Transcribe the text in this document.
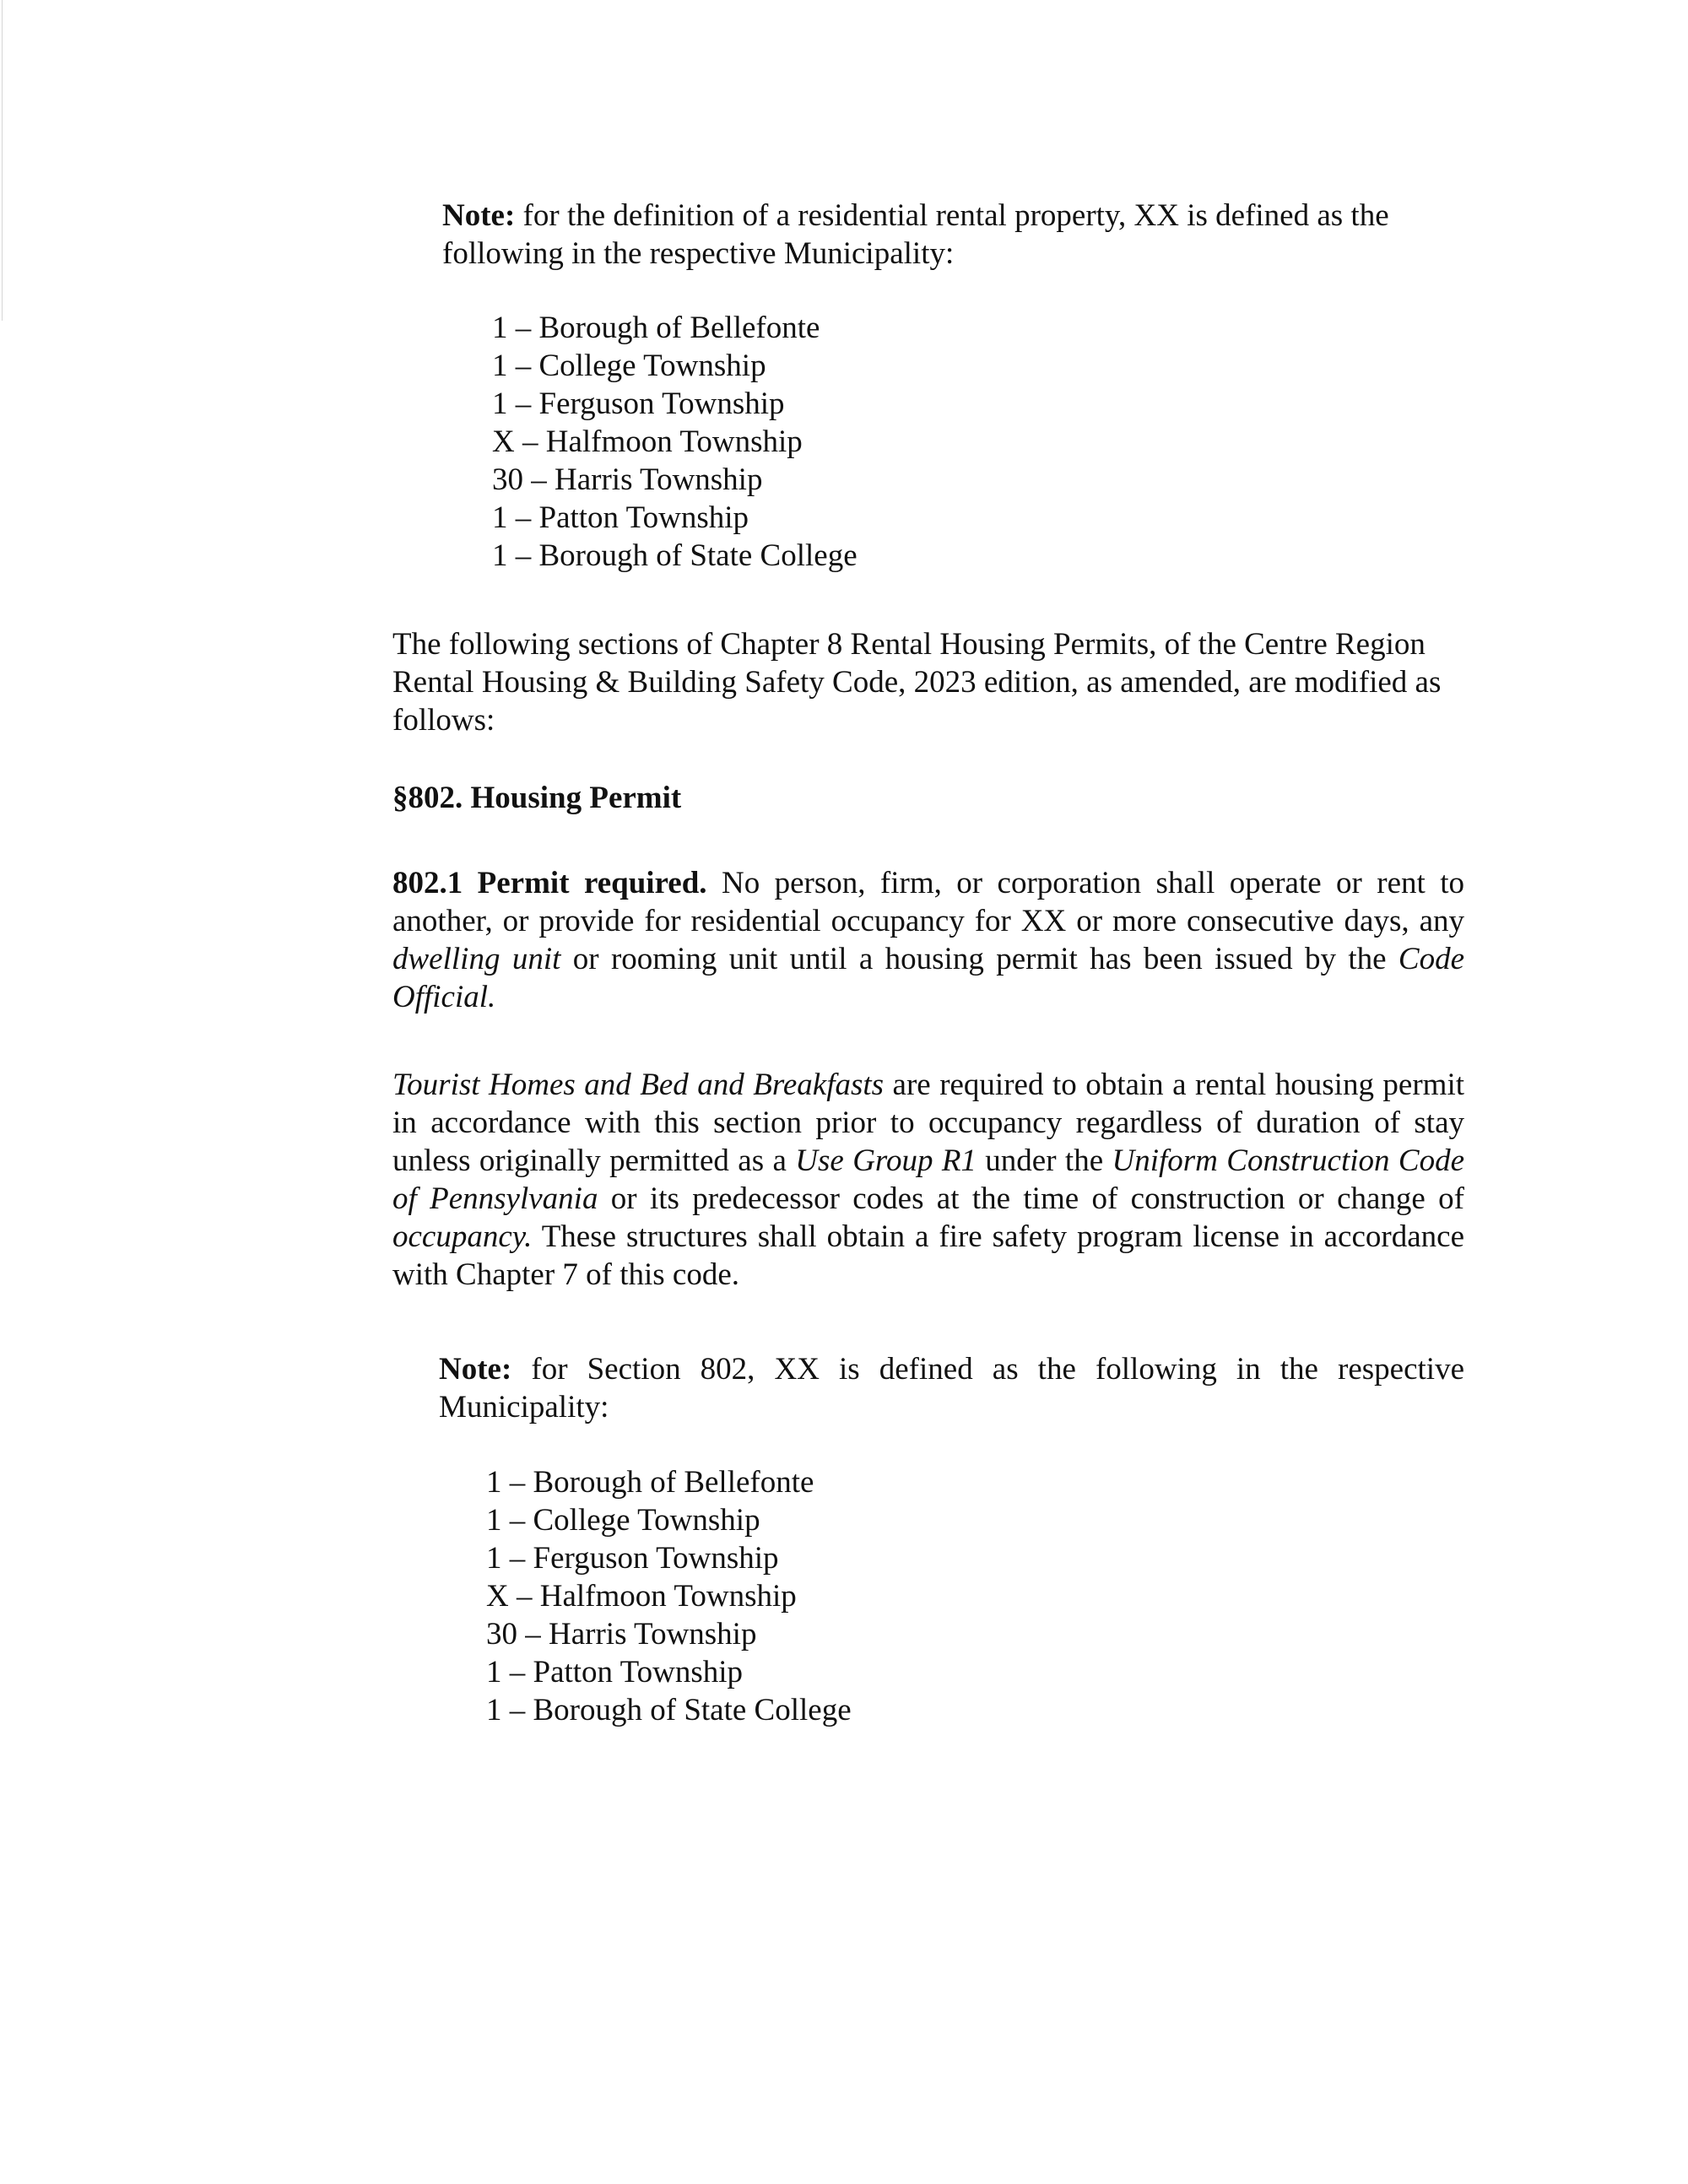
Note: for the definition of a residential rental property, XX is defined as the
following in the respective Municipality:
1 – Borough of Bellefonte
1 – College Township
1 – Ferguson Township
X – Halfmoon Township
30 – Harris Township
1 – Patton Township
1 – Borough of State College
The following sections of Chapter 8 Rental Housing Permits, of the Centre Region
Rental Housing & Building Safety Code, 2023 edition, as amended, are modified as
follows:
§802. Housing Permit

802.1 Permit required. No person, firm, or corporation shall operate or rent to another, or provide for residential occupancy for XX or more consecutive days, any dwelling unit or rooming unit until a housing permit has been issued by the Code Official.

Tourist Homes and Bed and Breakfasts are required to obtain a rental housing permit in accordance with this section prior to occupancy regardless of duration of stay unless originally permitted as a Use Group R1 under the Uniform Construction Code of Pennsylvania or its predecessor codes at the time of construction or change of occupancy. These structures shall obtain a fire safety program license in accordance with Chapter 7 of this code.

Note: for Section 802, XX is defined as the following in the respective Municipality:

1 – Borough of Bellefonte
1 – College Township
1 – Ferguson Township
X – Halfmoon Township
30 – Harris Township
1 – Patton Township
1 – Borough of State College
